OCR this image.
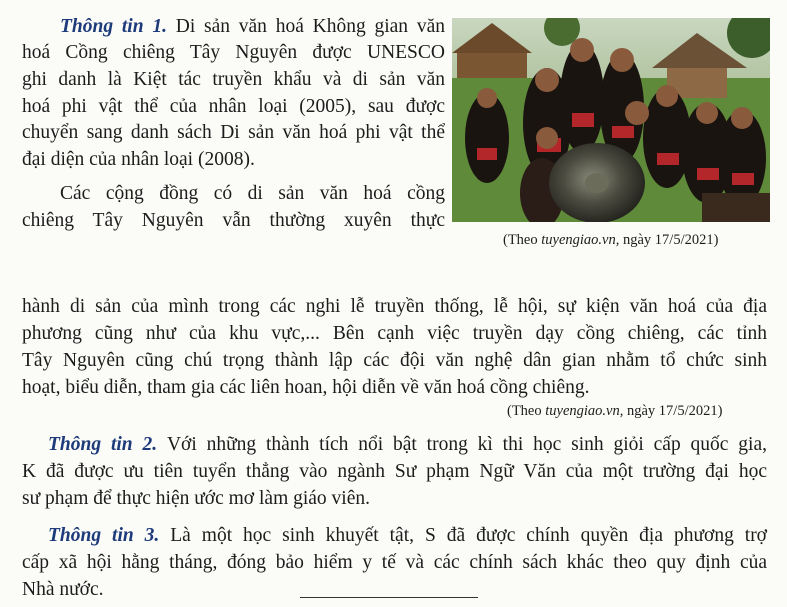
Thông tin 1. Di sản văn hoá Không gian văn
hoá Cồng chiêng Tây Nguyên được UNESCO
ghi danh là Kiệt tác truyền khẩu và di sản văn
hoá phi vật thể của nhân loại (2005), sau được
chuyển sang danh sách Di sản văn hoá phi vật thể
đại diện của nhân loại (2008).
Các cộng đồng có di sản văn hoá cồng
chiêng Tây Nguyên vẫn thường xuyên thực
(Theo tuyengiao.vn, ngày 17/5/2021)
hành di sản của mình trong các nghi lễ truyền thống, lễ hội, sự kiện văn hoá của địa
phương cũng như của khu vực,... Bên cạnh việc truyền dạy cồng chiêng, các tỉnh
Tây Nguyên cũng chú trọng thành lập các đội văn nghệ dân gian nhằm tổ chức sinh
hoạt, biểu diễn, tham gia các liên hoan, hội diễn về văn hoá cồng chiêng.
(Theo tuyengiao.vn, ngày 17/5/2021)
Thông tin 2. Với những thành tích nổi bật trong kì thi học sinh giỏi cấp quốc gia,
K đã được ưu tiên tuyển thẳng vào ngành Sư phạm Ngữ Văn của một trường đại học
sư phạm để thực hiện ước mơ làm giáo viên.
Thông tin 3. Là một học sinh khuyết tật, S đã được chính quyền địa phương trợ
cấp xã hội hằng tháng, đóng bảo hiểm y tế và các chính sách khác theo quy định của
Nhà nước.
